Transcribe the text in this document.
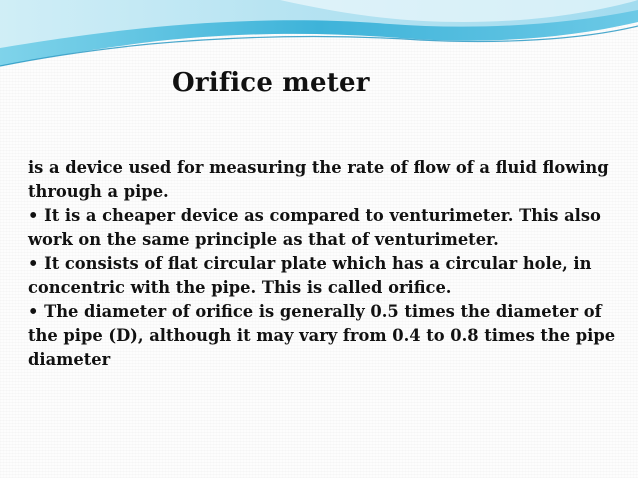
Orifice meter

is a device used for measuring the rate of flow of a fluid flowing through a pipe.

• It is a cheaper device as compared to venturimeter. This also work on the same principle as that of venturimeter.

• It consists of flat circular plate which has a circular hole, in concentric with the pipe. This is called orifice.

• The diameter of orifice is generally 0.5 times the diameter of the pipe (D), although it may vary from 0.4 to 0.8 times the pipe diameter
